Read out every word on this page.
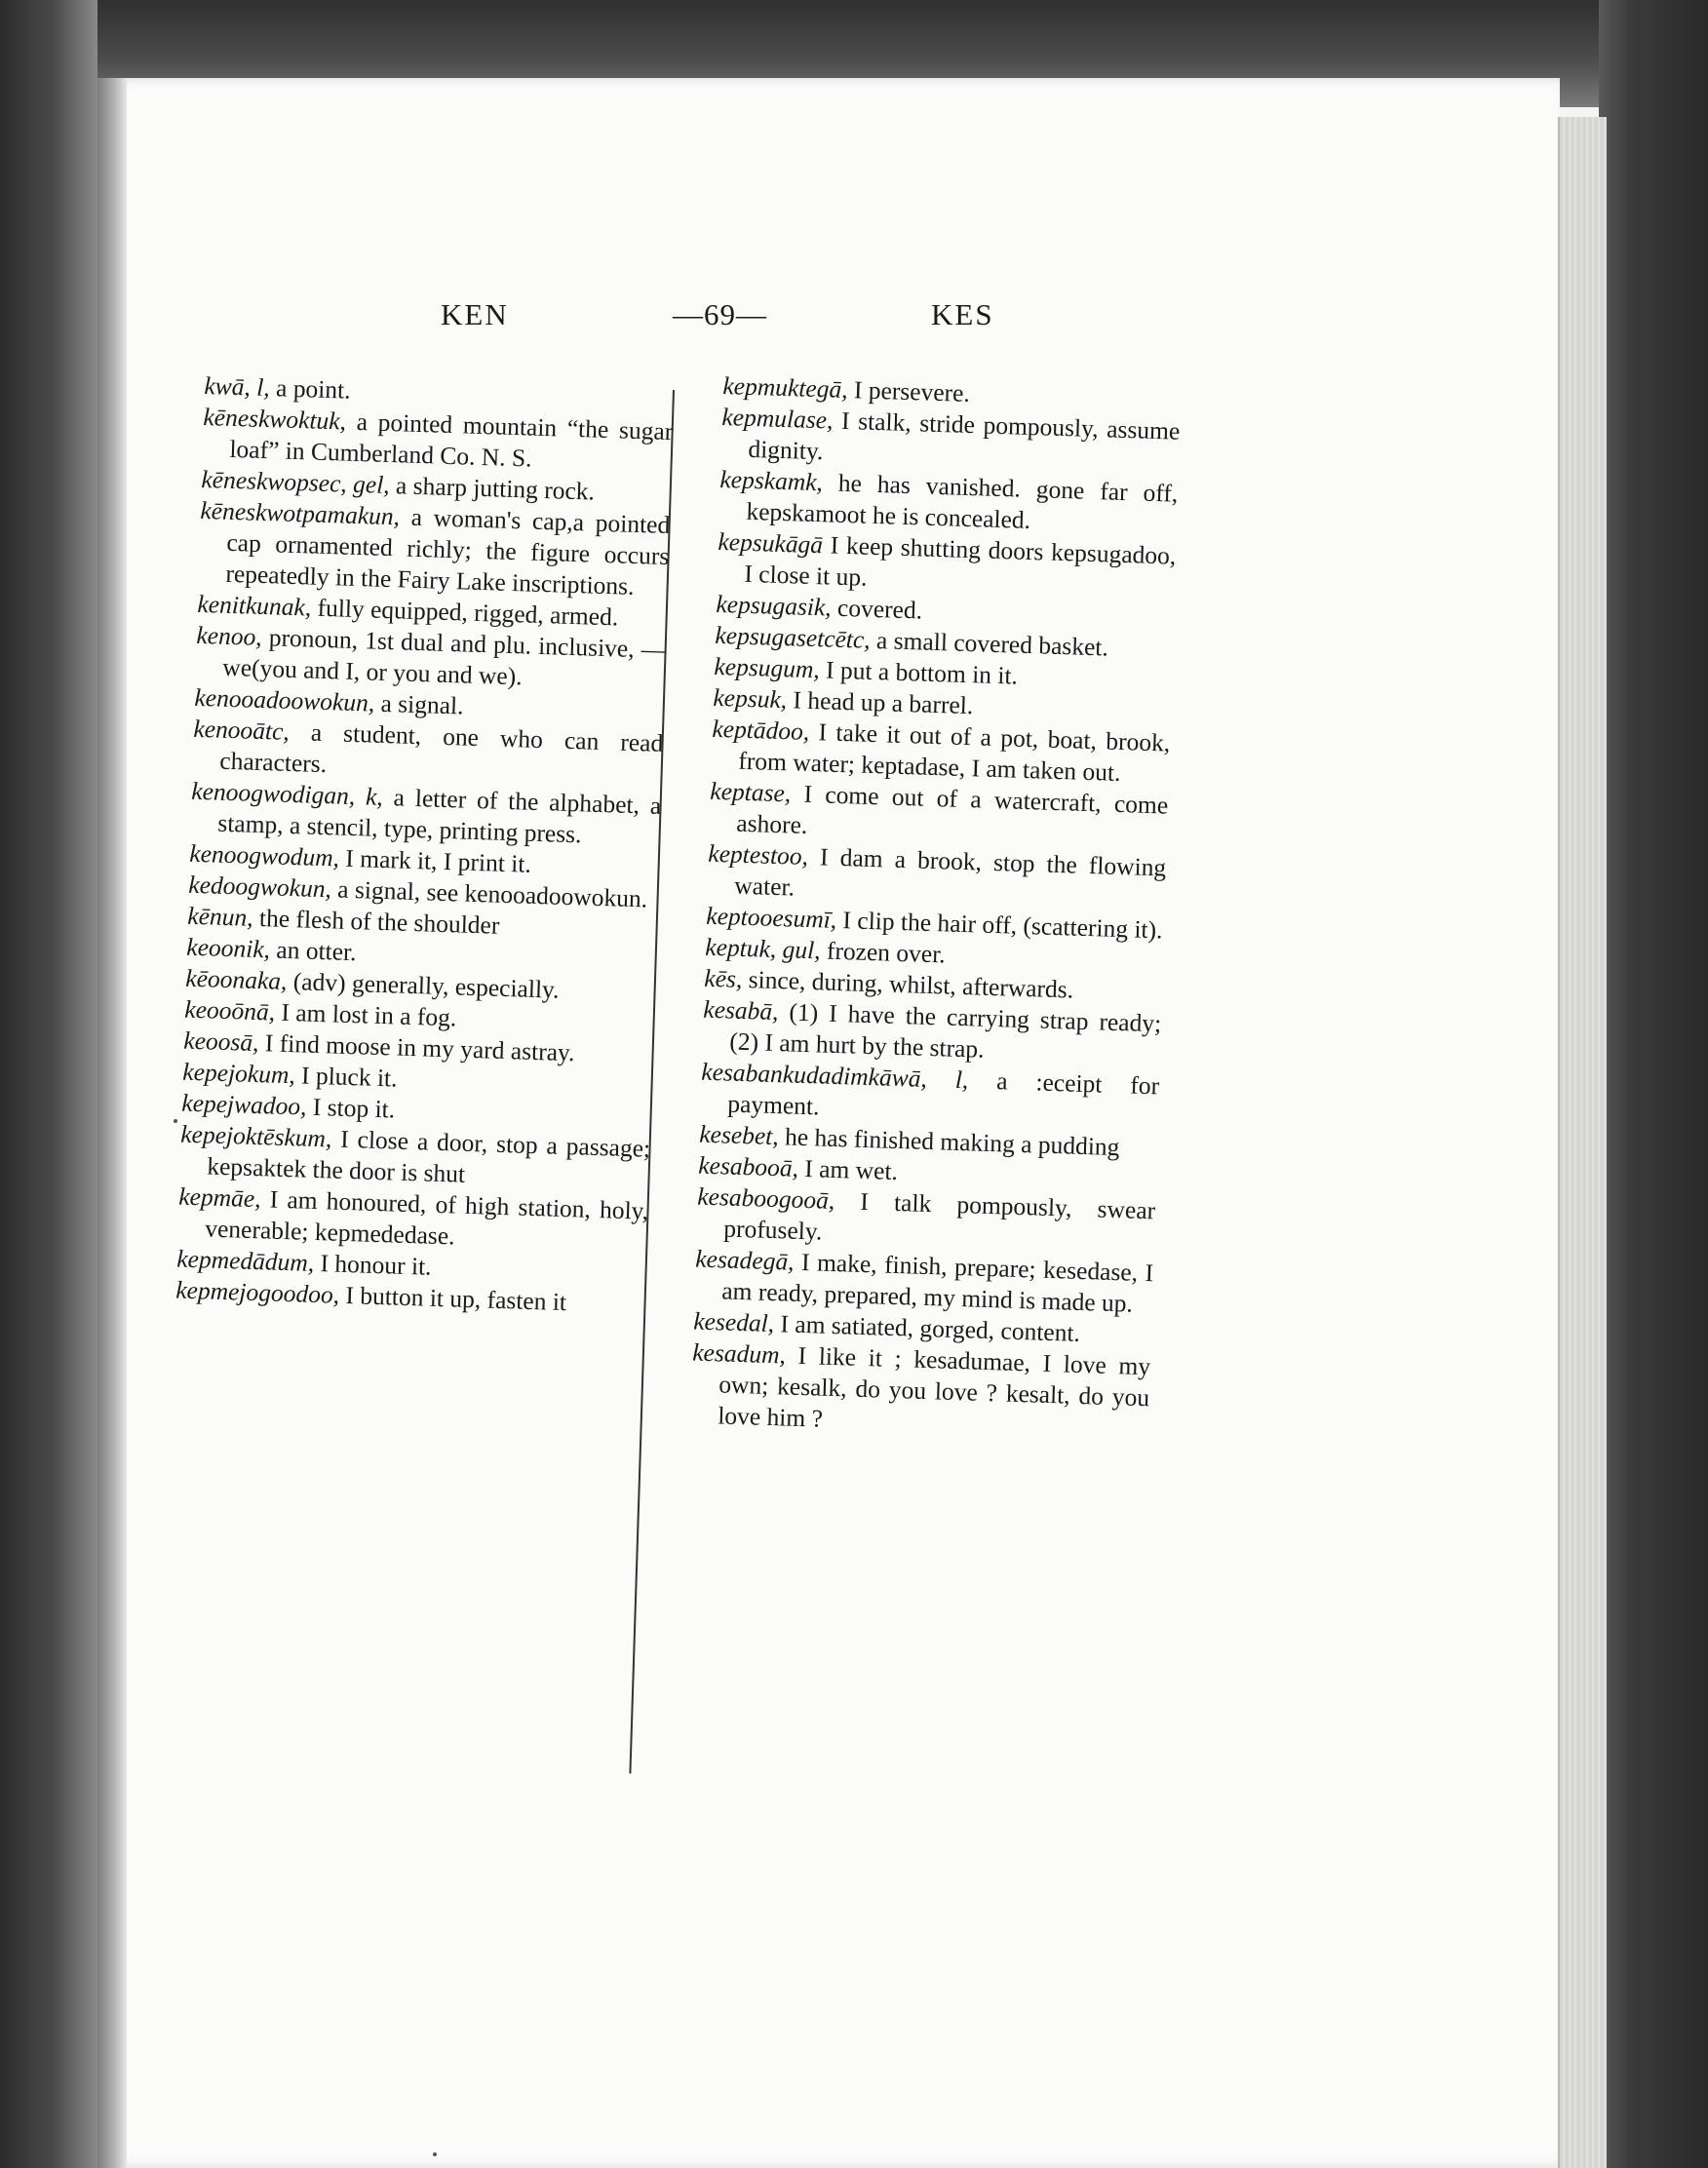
KEN	—69—	KES

kwā, l, a point.

kēneskwoktuk, a pointed mountain “the sugar loaf” in Cumberland Co. N. S.

kēneskwopsec, gel, a sharp jutting rock.

kēneskwotpamakun, a woman's cap,a pointed cap ornamented richly; the figure occurs repeatedly in the Fairy Lake inscriptions.

kenitkunak, fully equipped, rigged, armed.

kenoo, pronoun, 1st dual and plu. inclusive, —we(you and I, or you and we).

kenooadoowokun, a signal.

kenooātc, a student, one who can read characters.

kenoogwodigan, k, a letter of the alphabet, a stamp, a stencil, type, printing press.

kenoogwodum, I mark it, I print it.

kedoogwokun, a signal, see kenooadoowokun.

kēnun, the flesh of the shoulder

keoonik, an otter.

kēoonaka, (adv) generally, especially.

keooōnā, I am lost in a fog.

keoosā, I find moose in my yard astray.

kepejokum, I pluck it.

kepejwadoo, I stop it.

kepejoktēskum, I close a door, stop a passage; kepsaktek the door is shut

kepmāe, I am honoured, of high station, holy, venerable; kepmededase.

kepmedādum, I honour it.

kepmejogoodoo, I button it up, fasten it

kepmuktegā, I persevere.

kepmulase, I stalk, stride pompously, assume dignity.

kepskamk, he has vanished. gone far off, kepskamoot he is concealed.

kepsukāgā I keep shutting doors kepsugadoo, I close it up.

kepsugasik, covered.

kepsugasetcētc, a small covered basket.

kepsugum, I put a bottom in it.

kepsuk, I head up a barrel.

keptādoo, I take it out of a pot, boat, brook, from water; keptadase, I am taken out.

keptase, I come out of a watercraft, come ashore.

keptestoo, I dam a brook, stop the flowing water.

keptooesumī, I clip the hair off, (scattering it).

keptuk, gul, frozen over.

kēs, since, during, whilst, afterwards.

kesabā, (1) I have the carrying strap ready; (2) I am hurt by the strap.

kesabankudadimkāwā, l, a :eceipt for payment.

kesebet, he has finished making a pudding

kesabooā, I am wet.

kesaboogooā, I talk pompously, swear profusely.

kesadegā, I make, finish, prepare; kesedase, I am ready, prepared, my mind is made up.

kesedal, I am satiated, gorged, content.

kesadum, I like it ; kesadumae, I love my own; kesalk, do you love ? kesalt, do you love him ?
